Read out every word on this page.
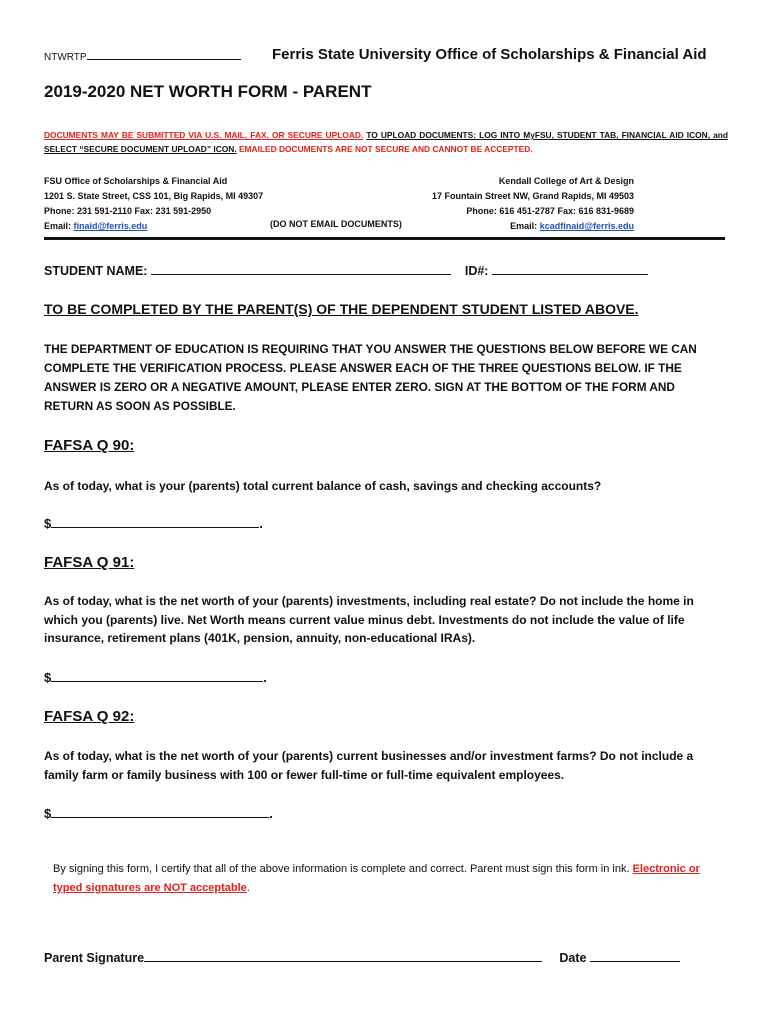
NTWRTP	Ferris State University Office of Scholarships & Financial Aid
2019-2020 NET WORTH FORM - PARENT
DOCUMENTS MAY BE SUBMITTED VIA U.S. MAIL, FAX, OR SECURE UPLOAD. TO UPLOAD DOCUMENTS: LOG INTO MyFSU, STUDENT TAB, FINANCIAL AID ICON, and SELECT “SECURE DOCUMENT UPLOAD” ICON. EMAILED DOCUMENTS ARE NOT SECURE AND CANNOT BE ACCEPTED.
FSU Office of Scholarships & Financial Aid
1201 S. State Street, CSS 101, Big Rapids, MI 49307
Phone: 231 591-2110 Fax: 231 591-2950
Email: finaid@ferris.edu	(DO NOT EMAIL DOCUMENTS)
Kendall College of Art & Design
17 Fountain Street NW, Grand Rapids, MI 49503
Phone: 616 451-2787 Fax: 616 831-9689
Email: kcadfinaid@ferris.edu
STUDENT NAME:	ID#:
TO BE COMPLETED BY THE PARENT(S) OF THE DEPENDENT STUDENT LISTED ABOVE.
THE DEPARTMENT OF EDUCATION IS REQUIRING THAT YOU ANSWER THE QUESTIONS BELOW BEFORE WE CAN COMPLETE THE VERIFICATION PROCESS. PLEASE ANSWER EACH OF THE THREE QUESTIONS BELOW. IF THE ANSWER IS ZERO OR A NEGATIVE AMOUNT, PLEASE ENTER ZERO. SIGN AT THE BOTTOM OF THE FORM AND RETURN AS SOON AS POSSIBLE.
FAFSA Q 90:
As of today, what is your (parents) total current balance of cash, savings and checking accounts?
$	.
FAFSA Q 91:
As of today, what is the net worth of your (parents) investments, including real estate? Do not include the home in which you (parents) live. Net Worth means current value minus debt. Investments do not include the value of life insurance, retirement plans (401K, pension, annuity, non-educational IRAs).
$	.
FAFSA Q 92:
As of today, what is the net worth of your (parents) current businesses and/or investment farms? Do not include a family farm or family business with 100 or fewer full-time or full-time equivalent employees.
$	.
By signing this form, I certify that all of the above information is complete and correct. Parent must sign this form in ink. Electronic or typed signatures are NOT acceptable.
Parent Signature	Date
